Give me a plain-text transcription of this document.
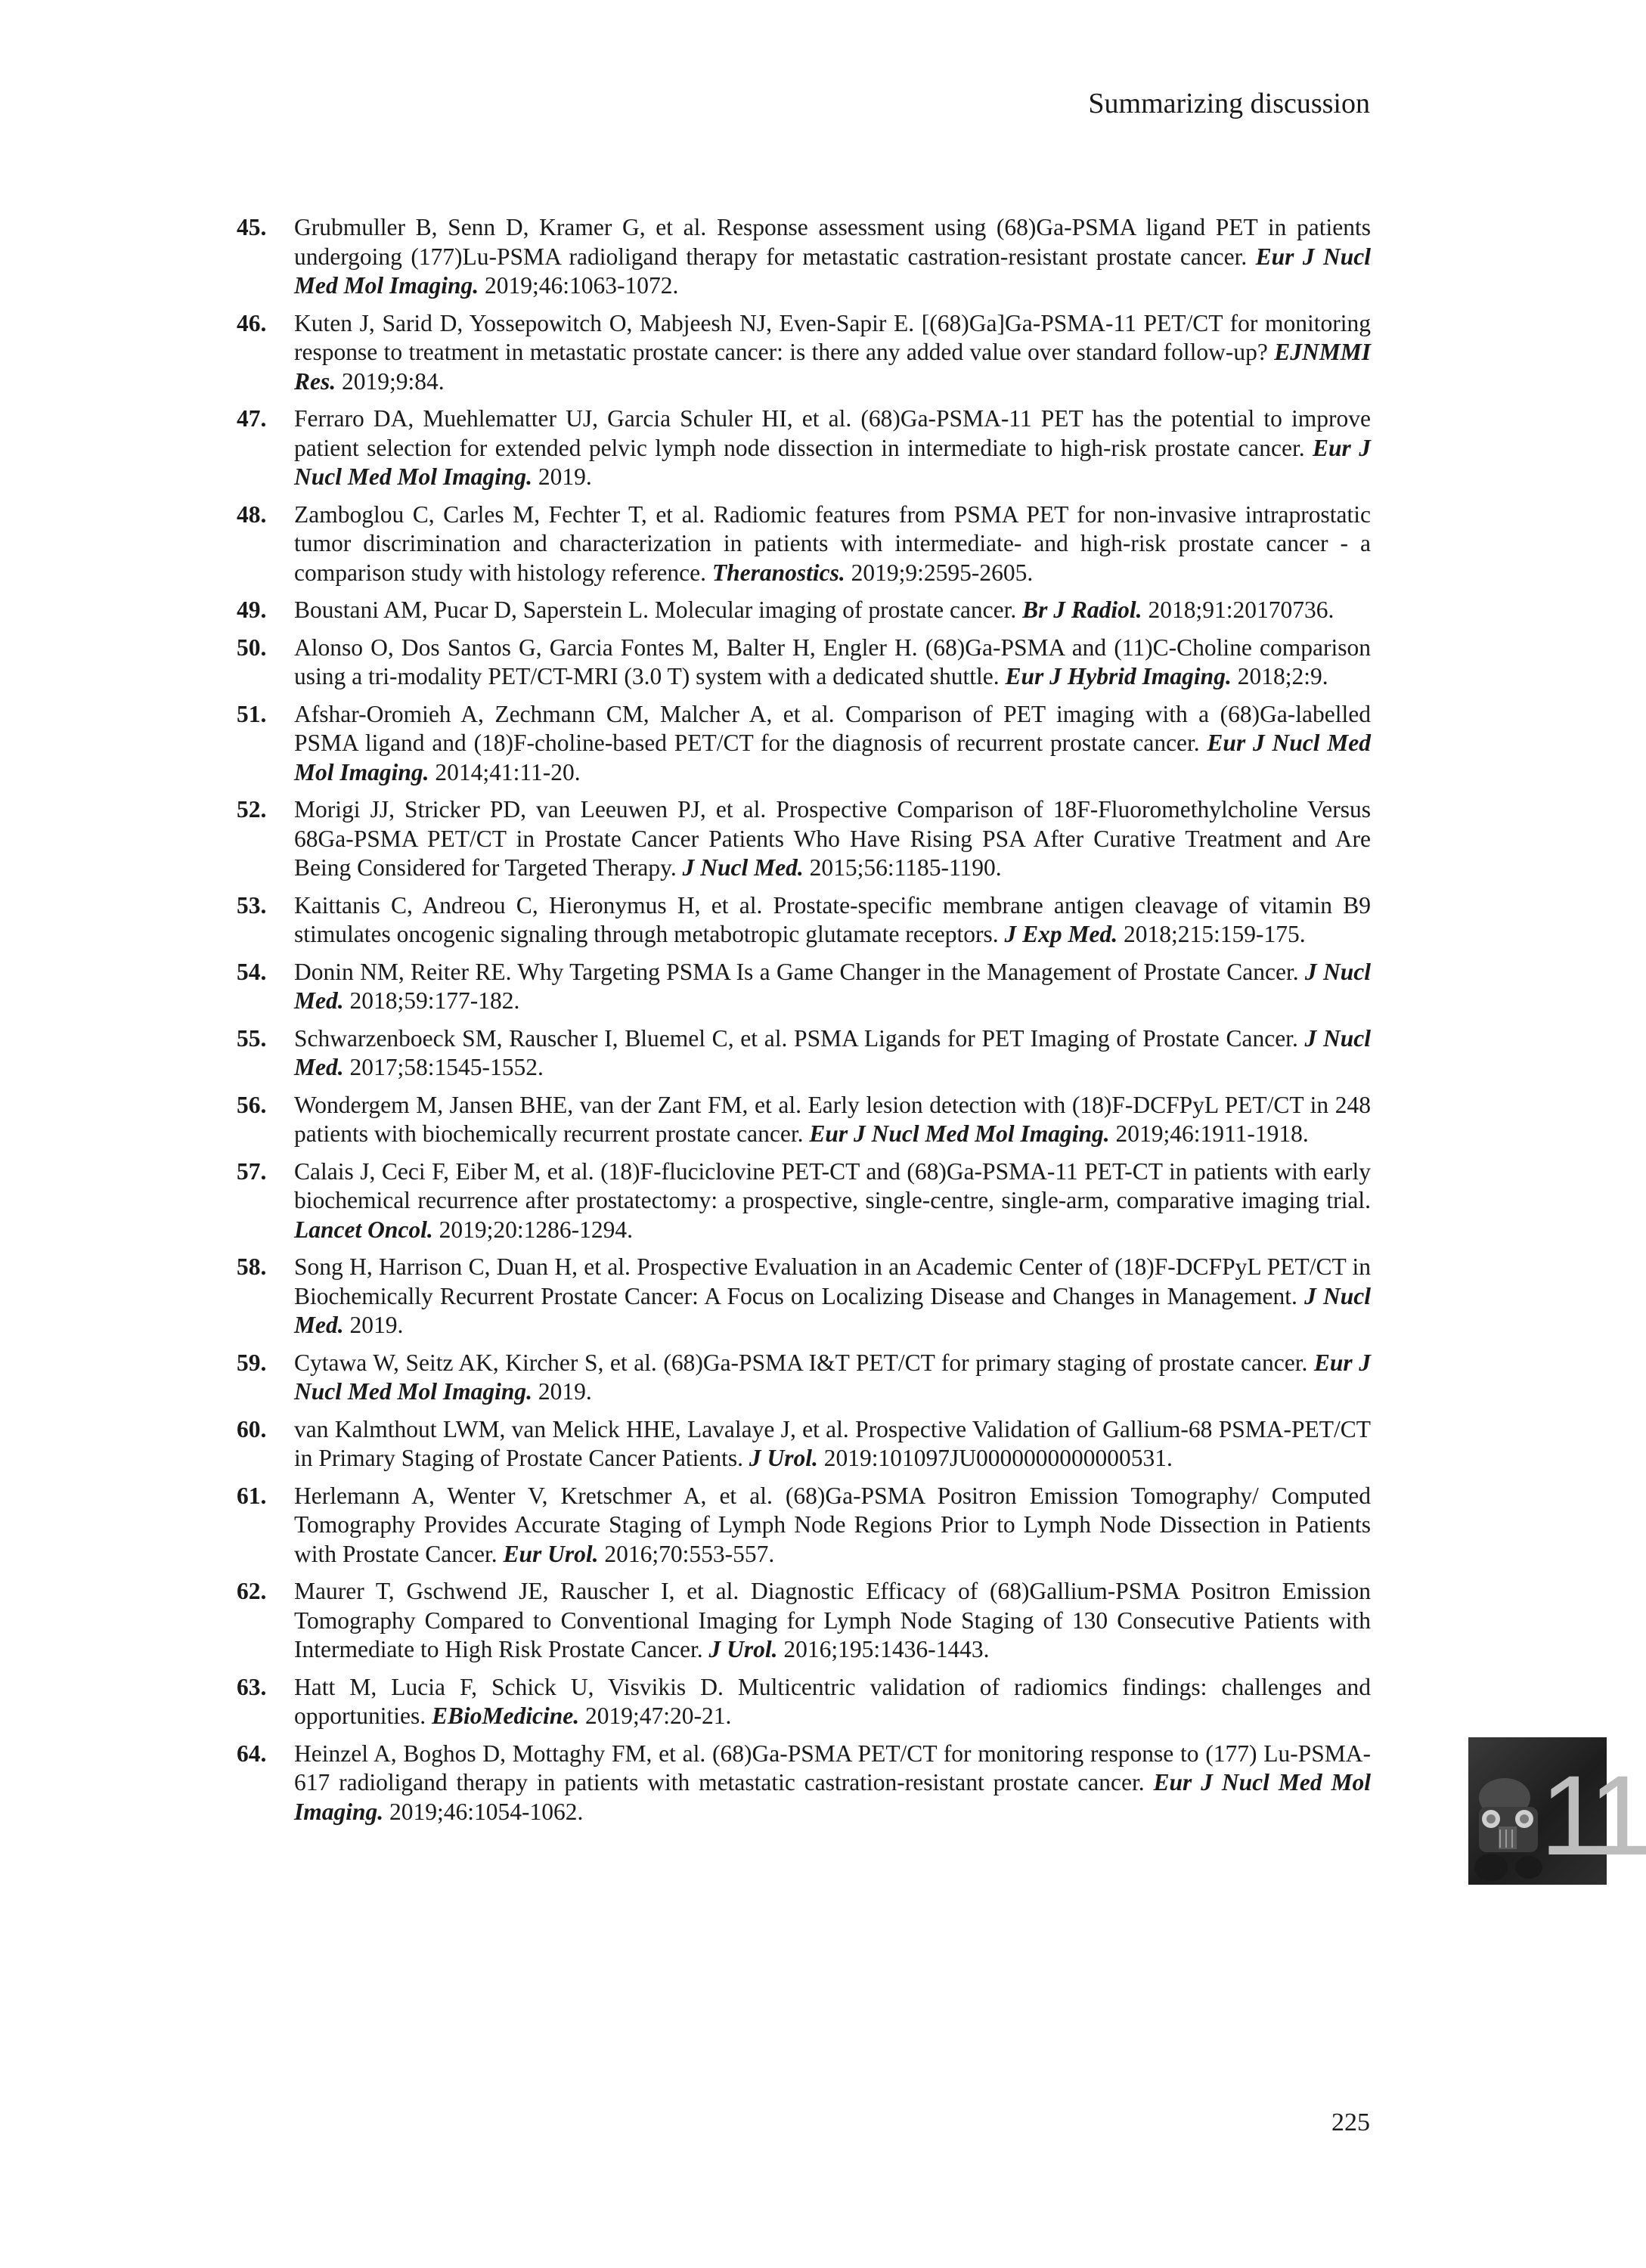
Summarizing discussion
45. Grubmuller B, Senn D, Kramer G, et al. Response assessment using (68)Ga-PSMA ligand PET in patients undergoing (177)Lu-PSMA radioligand therapy for metastatic castration-resistant prostate cancer. Eur J Nucl Med Mol Imaging. 2019;46:1063-1072.
46. Kuten J, Sarid D, Yossepowitch O, Mabjeesh NJ, Even-Sapir E. [(68)Ga]Ga-PSMA-11 PET/CT for monitoring response to treatment in metastatic prostate cancer: is there any added value over standard follow-up? EJNMMI Res. 2019;9:84.
47. Ferraro DA, Muehlematter UJ, Garcia Schuler HI, et al. (68)Ga-PSMA-11 PET has the potential to improve patient selection for extended pelvic lymph node dissection in intermediate to high-risk prostate cancer. Eur J Nucl Med Mol Imaging. 2019.
48. Zamboglou C, Carles M, Fechter T, et al. Radiomic features from PSMA PET for non-invasive intraprostatic tumor discrimination and characterization in patients with intermediate- and high-risk prostate cancer - a comparison study with histology reference. Theranostics. 2019;9:2595-2605.
49. Boustani AM, Pucar D, Saperstein L. Molecular imaging of prostate cancer. Br J Radiol. 2018;91:20170736.
50. Alonso O, Dos Santos G, Garcia Fontes M, Balter H, Engler H. (68)Ga-PSMA and (11)C-Choline comparison using a tri-modality PET/CT-MRI (3.0 T) system with a dedicated shuttle. Eur J Hybrid Imaging. 2018;2:9.
51. Afshar-Oromieh A, Zechmann CM, Malcher A, et al. Comparison of PET imaging with a (68)Ga-labelled PSMA ligand and (18)F-choline-based PET/CT for the diagnosis of recurrent prostate cancer. Eur J Nucl Med Mol Imaging. 2014;41:11-20.
52. Morigi JJ, Stricker PD, van Leeuwen PJ, et al. Prospective Comparison of 18F-Fluoromethylcholine Versus 68Ga-PSMA PET/CT in Prostate Cancer Patients Who Have Rising PSA After Curative Treatment and Are Being Considered for Targeted Therapy. J Nucl Med. 2015;56:1185-1190.
53. Kaittanis C, Andreou C, Hieronymus H, et al. Prostate-specific membrane antigen cleavage of vitamin B9 stimulates oncogenic signaling through metabotropic glutamate receptors. J Exp Med. 2018;215:159-175.
54. Donin NM, Reiter RE. Why Targeting PSMA Is a Game Changer in the Management of Prostate Cancer. J Nucl Med. 2018;59:177-182.
55. Schwarzenboeck SM, Rauscher I, Bluemel C, et al. PSMA Ligands for PET Imaging of Prostate Cancer. J Nucl Med. 2017;58:1545-1552.
56. Wondergem M, Jansen BHE, van der Zant FM, et al. Early lesion detection with (18)F-DCFPyL PET/CT in 248 patients with biochemically recurrent prostate cancer. Eur J Nucl Med Mol Imaging. 2019;46:1911-1918.
57. Calais J, Ceci F, Eiber M, et al. (18)F-fluciclovine PET-CT and (68)Ga-PSMA-11 PET-CT in patients with early biochemical recurrence after prostatectomy: a prospective, single-centre, single-arm, comparative imaging trial. Lancet Oncol. 2019;20:1286-1294.
58. Song H, Harrison C, Duan H, et al. Prospective Evaluation in an Academic Center of (18)F-DCFPyL PET/CT in Biochemically Recurrent Prostate Cancer: A Focus on Localizing Disease and Changes in Management. J Nucl Med. 2019.
59. Cytawa W, Seitz AK, Kircher S, et al. (68)Ga-PSMA I&T PET/CT for primary staging of prostate cancer. Eur J Nucl Med Mol Imaging. 2019.
60. van Kalmthout LWM, van Melick HHE, Lavalaye J, et al. Prospective Validation of Gallium-68 PSMA-PET/CT in Primary Staging of Prostate Cancer Patients. J Urol. 2019:101097JU0000000000000531.
61. Herlemann A, Wenter V, Kretschmer A, et al. (68)Ga-PSMA Positron Emission Tomography/ Computed Tomography Provides Accurate Staging of Lymph Node Regions Prior to Lymph Node Dissection in Patients with Prostate Cancer. Eur Urol. 2016;70:553-557.
62. Maurer T, Gschwend JE, Rauscher I, et al. Diagnostic Efficacy of (68)Gallium-PSMA Positron Emission Tomography Compared to Conventional Imaging for Lymph Node Staging of 130 Consecutive Patients with Intermediate to High Risk Prostate Cancer. J Urol. 2016;195:1436-1443.
63. Hatt M, Lucia F, Schick U, Visvikis D. Multicentric validation of radiomics findings: challenges and opportunities. EBioMedicine. 2019;47:20-21.
64. Heinzel A, Boghos D, Mottaghy FM, et al. (68)Ga-PSMA PET/CT for monitoring response to (177) Lu-PSMA-617 radioligand therapy in patients with metastatic castration-resistant prostate cancer. Eur J Nucl Med Mol Imaging. 2019;46:1054-1062.	11
225
